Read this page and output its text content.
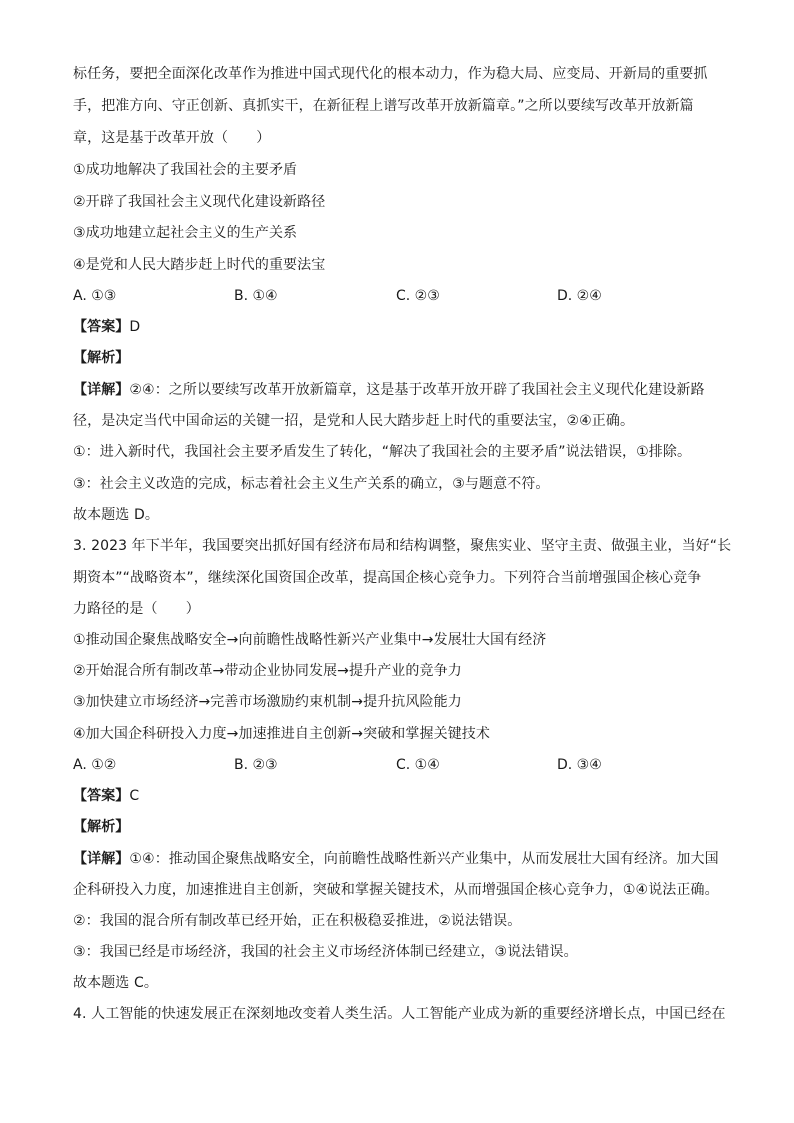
标任务，要把全面深化改革作为推进中国式现代化的根本动力，作为稳大局、应变局、开新局的重要抓
手，把准方向、守正创新、真抓实干，在新征程上谱写改革开放新篇章。”之所以要续写改革开放新篇
章，这是基于改革开放（　　）
①成功地解决了我国社会的主要矛盾
②开辟了我国社会主义现代化建设新路径
③成功地建立起社会主义的生产关系
④是党和人民大踏步赶上时代的重要法宝
A. ①③	B. ①④	C. ②③	D. ②④
【答案】D
【解析】
【详解】②④：之所以要续写改革开放新篇章，这是基于改革开放开辟了我国社会主义现代化建设新路
径，是决定当代中国命运的关键一招，是党和人民大踏步赶上时代的重要法宝，②④正确。
①：进入新时代，我国社会主要矛盾发生了转化，“解决了我国社会的主要矛盾”说法错误，①排除。
③：社会主义改造的完成，标志着社会主义生产关系的确立，③与题意不符。
故本题选 D。
3. 2023 年下半年，我国要突出抓好国有经济布局和结构调整，聚焦实业、坚守主责、做强主业，当好“长
期资本”“战略资本”，继续深化国资国企改革，提高国企核心竞争力。下列符合当前增强国企核心竞争
力路径的是（　　）
①推动国企聚焦战略安全→向前瞻性战略性新兴产业集中→发展壮大国有经济
②开始混合所有制改革→带动企业协同发展→提升产业的竞争力
③加快建立市场经济→完善市场激励约束机制→提升抗风险能力
④加大国企科研投入力度→加速推进自主创新→突破和掌握关键技术
A. ①②	B. ②③	C. ①④	D. ③④
【答案】C
【解析】
【详解】①④：推动国企聚焦战略安全，向前瞻性战略性新兴产业集中，从而发展壮大国有经济。加大国
企科研投入力度，加速推进自主创新，突破和掌握关键技术，从而增强国企核心竞争力，①④说法正确。
②：我国的混合所有制改革已经开始，正在积极稳妥推进，②说法错误。
③：我国已经是市场经济，我国的社会主义市场经济体制已经建立，③说法错误。
故本题选 C。
4. 人工智能的快速发展正在深刻地改变着人类生活。人工智能产业成为新的重要经济增长点，中国已经在
